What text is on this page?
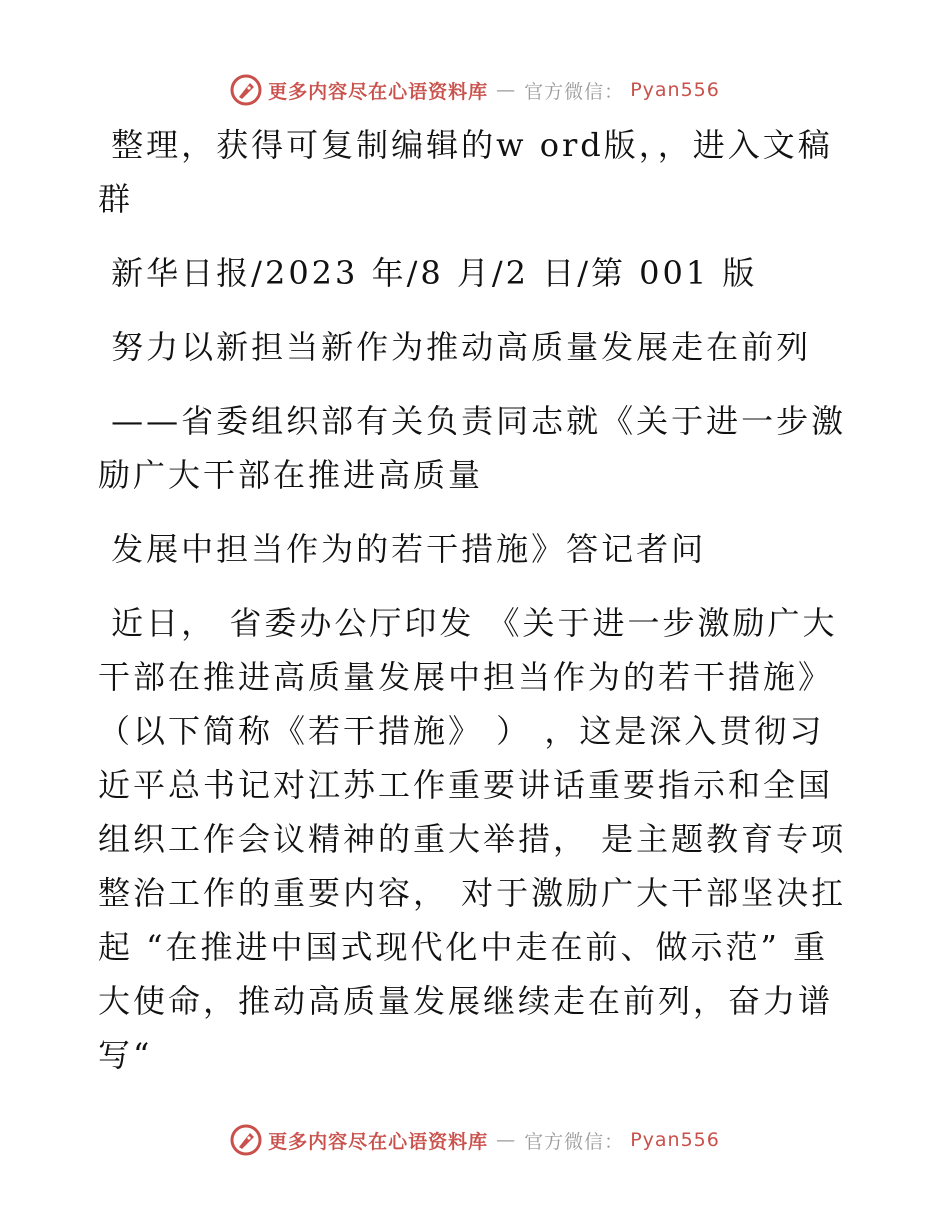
更多内容尽在心语资料库 — 官方微信： Pyan556

整理，获得可复制编辑的w ord版，，进入文稿群

新华日报/2023 年/8 月/2 日/第 001 版

努力以新担当新作为推动高质量发展走在前列

——省委组织部有关负责同志就《关于进一步激励广大干部在推进高质量

发展中担当作为的若干措施》答记者问

近日， 省委办公厅印发 《关于进一步激励广大干部在推进高质量发展中担当作为的若干措施》（以下简称《若干措施》 ） ，这是深入贯彻习近平总书记对江苏工作重要讲话重要指示和全国组织工作会议精神的重大举措， 是主题教育专项整治工作的重要内容， 对于激励广大干部坚决扛起 “在推进中国式现代化中走在前、做示范” 重大使命，推动高质量发展继续走在前列，奋力谱写“

更多内容尽在心语资料库 — 官方微信： Pyan556
